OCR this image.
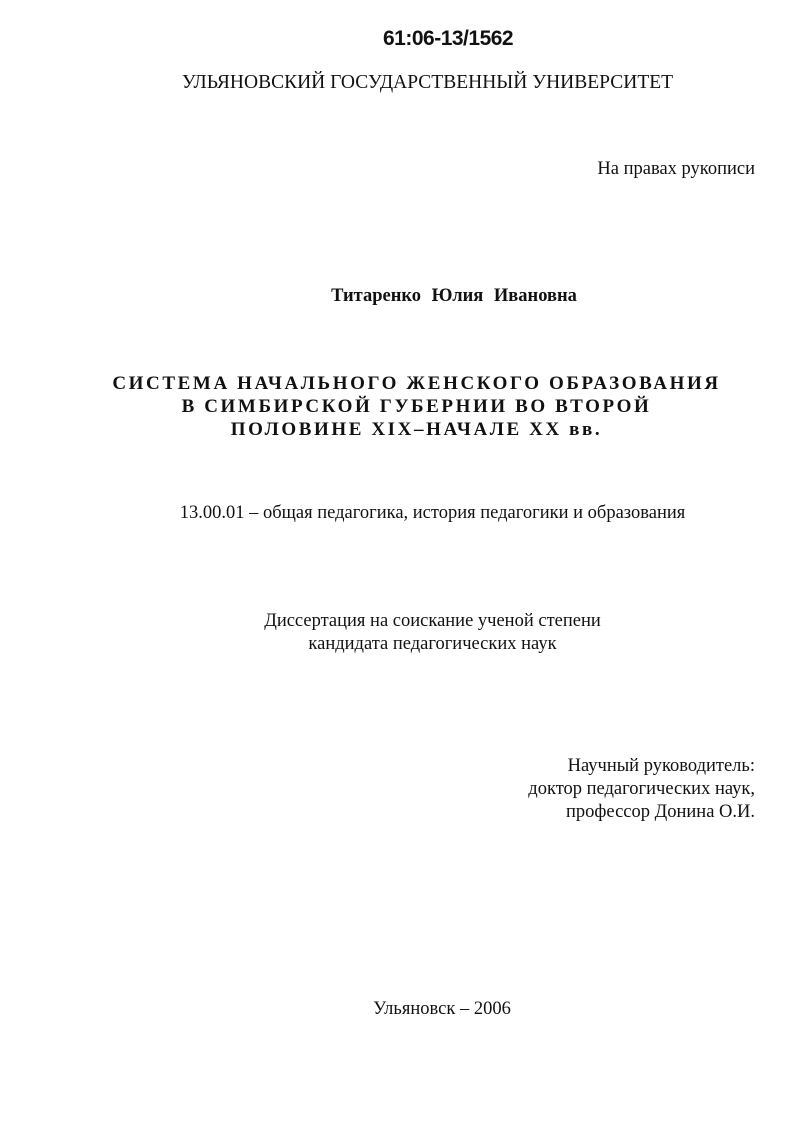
61:06-13/1562
УЛЬЯНОВСКИЙ ГОСУДАРСТВЕННЫЙ УНИВЕРСИТЕТ
На правах рукописи
Титаренко Юлия Ивановна
СИСТЕМА НАЧАЛЬНОГО ЖЕНСКОГО ОБРАЗОВАНИЯ
В СИМБИРСКОЙ ГУБЕРНИИ ВО ВТОРОЙ
ПОЛОВИНЕ XIX–НАЧАЛЕ XX вв.
13.00.01 – общая педагогика, история педагогики и образования
Диссертация на соискание ученой степени
кандидата педагогических наук
Научный руководитель:
доктор педагогических наук,
профессор Донина О.И.
Ульяновск – 2006
